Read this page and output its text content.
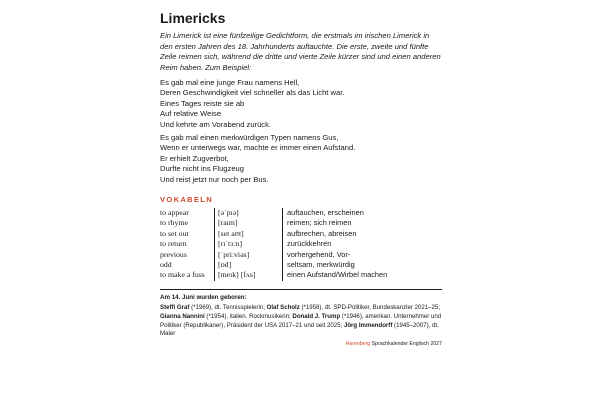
Limericks

Ein Limerick ist eine fünfzeilige Gedichtform, die erstmals im irischen Limerick in den ersten Jahren des 18. Jahrhunderts auftauchte. Die erste, zweite und fünfte Zeile reimen sich, während die dritte und vierte Zeile kürzer sind und einen anderen Reim haben. Zum Beispiel:

Es gab mal eine junge Frau namens Hell,
Deren Geschwindigkeit viel schneller als das Licht war.
Eines Tages reiste sie ab
Auf relative Weise
Und kehrte am Vorabend zurück.
Es gab mal einen merkwürdigen Typen namens Gus,
Wenn er unterwegs war, machte er immer einen Aufstand.
Er erhielt Zugverbot,
Durfte nicht ins Flugzeug
Und reist jetzt nur noch per Bus.
VOKABELN
to appear	[əˈpɪə]	auftauchen, erscheinen
to rhyme	[raɪm]	reimen; sich reimen
to set out	[set aʊt]	aufbrechen, abreisen
to return	[rɪˈtɜːn]	zurückkehren
previous	[ˈpriːviəs]	vorhergehend, Vor-
odd	[ɒd]	seltsam, merkwürdig
to make a fuss	[meɪk] [fʌs]	einen Aufstand/Wirbel machen

Am 14. Juni wurden geboren:

Steffi Graf (*1969), dt. Tennisspielerin; Olaf Scholz (*1958), dt. SPD-Politiker, Bundeskanzler 2021–25; Gianna Nannini (*1954), italien. Rockmusikerin; Donald J. Trump (*1946), amerikan. Unternehmer und Politiker (Republikaner), Präsident der USA 2017–21 und seit 2025; Jörg Immendorff (1945–2007), dt. Maler

Harenberg Sprachkalender Englisch 2027
